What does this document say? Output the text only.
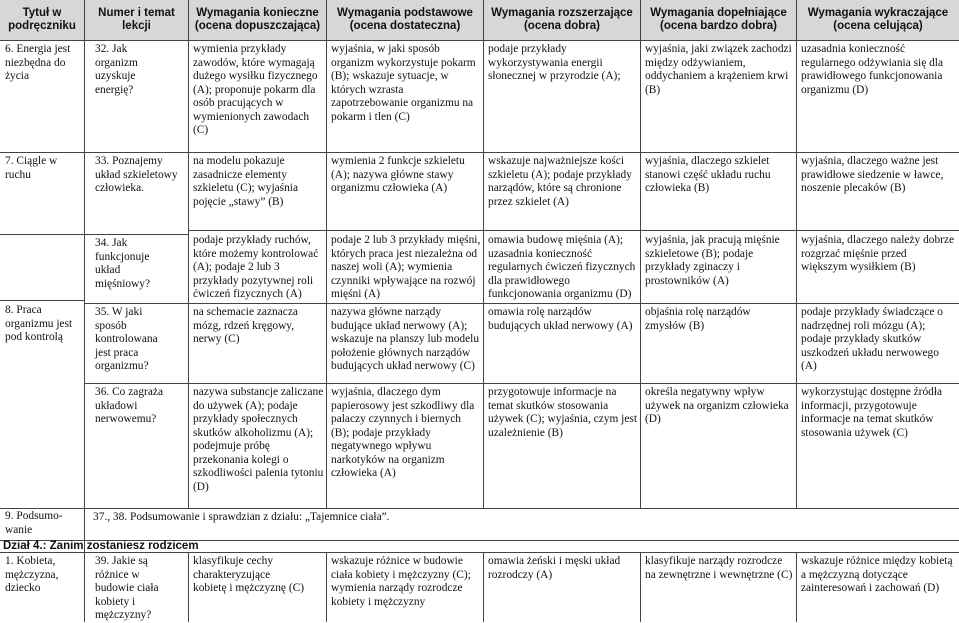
Tytuł w podręczniku
Numer i temat lekcji
Wymagania konieczne (ocena dopuszczająca)
Wymagania podstawowe (ocena dostateczna)
Wymagania rozszerzające (ocena dobra)
Wymagania dopełniające (ocena bardzo dobra)
Wymagania wykraczające (ocena celująca)
6. Energia jest niezbędna do życia
32. Jak organizm uzyskuje energię?
wymienia przykłady zawodów, które wymagają dużego wysiłku fizycznego (A); proponuje pokarm dla osób pracujących w wymienionych zawodach (C)
wyjaśnia, w jaki sposób organizm wykorzystuje pokarm (B); wskazuje sytuacje, w których wzrasta zapotrzebowanie organizmu na pokarm i tlen (C)
podaje przykłady wykorzystywania energii słonecznej w przyrodzie (A);
wyjaśnia, jaki związek zachodzi między odżywianiem, oddychaniem a krążeniem krwi (B)
uzasadnia konieczność regularnego odżywiania się dla prawidłowego funkcjonowania organizmu (D)
7. Ciągle w ruchu
33. Poznajemy układ szkieletowy człowieka.
na modelu pokazuje zasadnicze elementy szkieletu (C); wyjaśnia pojęcie „stawy” (B)
wymienia 2 funkcje szkieletu (A); nazywa główne stawy organizmu człowieka (A)
wskazuje najważniejsze kości szkieletu (A); podaje przykłady narządów, które są chronione przez szkielet (A)
wyjaśnia, dlaczego szkielet stanowi część układu ruchu człowieka (B)
wyjaśnia, dlaczego ważne jest prawidłowe siedzenie w ławce, noszenie plecaków (B)
34. Jak funkcjonuje układ mięśniowy?
podaje przykłady ruchów, które możemy kontrolować (A); podaje 2 lub 3 przykłady pozytywnej roli ćwiczeń fizycznych (A)
podaje 2 lub 3 przykłady mięśni, których praca jest niezależna od naszej woli (A); wymienia czynniki wpływające na rozwój mięśni (A)
omawia budowę mięśnia (A); uzasadnia konieczność regularnych ćwiczeń fizycznych dla prawidłowego funkcjonowania organizmu (D)
wyjaśnia, jak pracują mięśnie szkieletowe (B); podaje przykłady zginaczy i prostowników (A)
wyjaśnia, dlaczego należy dobrze rozgrzać mięśnie przed większym wysiłkiem (B)
8. Praca organizmu jest pod kontrolą
35. W jaki sposób kontrolowana jest praca organizmu?
na schemacie zaznacza mózg, rdzeń kręgowy, nerwy (C)
nazywa główne narządy budujące układ nerwowy (A); wskazuje na planszy lub modelu położenie głównych narządów budujących układ nerwowy (C)
omawia rolę narządów budujących układ nerwowy (A)
objaśnia rolę narządów zmysłów (B)
podaje przykłady świadczące o nadrzędnej roli mózgu (A); podaje przykłady skutków uszkodzeń układu nerwowego (A)
36. Co zagraża układowi nerwowemu?
nazywa substancje zaliczane do używek (A); podaje przykłady społecznych skutków alkoholizmu (A); podejmuje próbę przekonania kolegi o szkodliwości palenia tytoniu (D)
wyjaśnia, dlaczego dym papierosowy jest szkodliwy dla palaczy czynnych i biernych (B); podaje przykłady negatywnego wpływu narkotyków na organizm człowieka (A)
przygotowuje informacje na temat skutków stosowania używek (C); wyjaśnia, czym jest uzależnienie (B)
określa negatywny wpływ używek na organizm człowieka (D)
wykorzystując dostępne źródła informacji, przygotowuje informacje na temat skutków stosowania używek (C)
9. Podsumo-wanie
37., 38. Podsumowanie i sprawdzian z działu: „Tajemnice ciała”.
Dział 4.: Zanim zostaniesz rodzicem
1. Kobieta, mężczyzna, dziecko
39. Jakie są różnice w budowie ciała kobiety i mężczyzny?
klasyfikuje cechy charakteryzujące kobietę i mężczyznę (C)
wskazuje różnice w budowie ciała kobiety i mężczyzny (C); wymienia narządy rozrodcze kobiety i mężczyzny
omawia żeński i męski układ rozrodczy (A)
klasyfikuje narządy rozrodcze na zewnętrzne i wewnętrzne (C)
wskazuje różnice między kobietą a mężczyzną dotyczące zainteresowań i zachowań (D)
